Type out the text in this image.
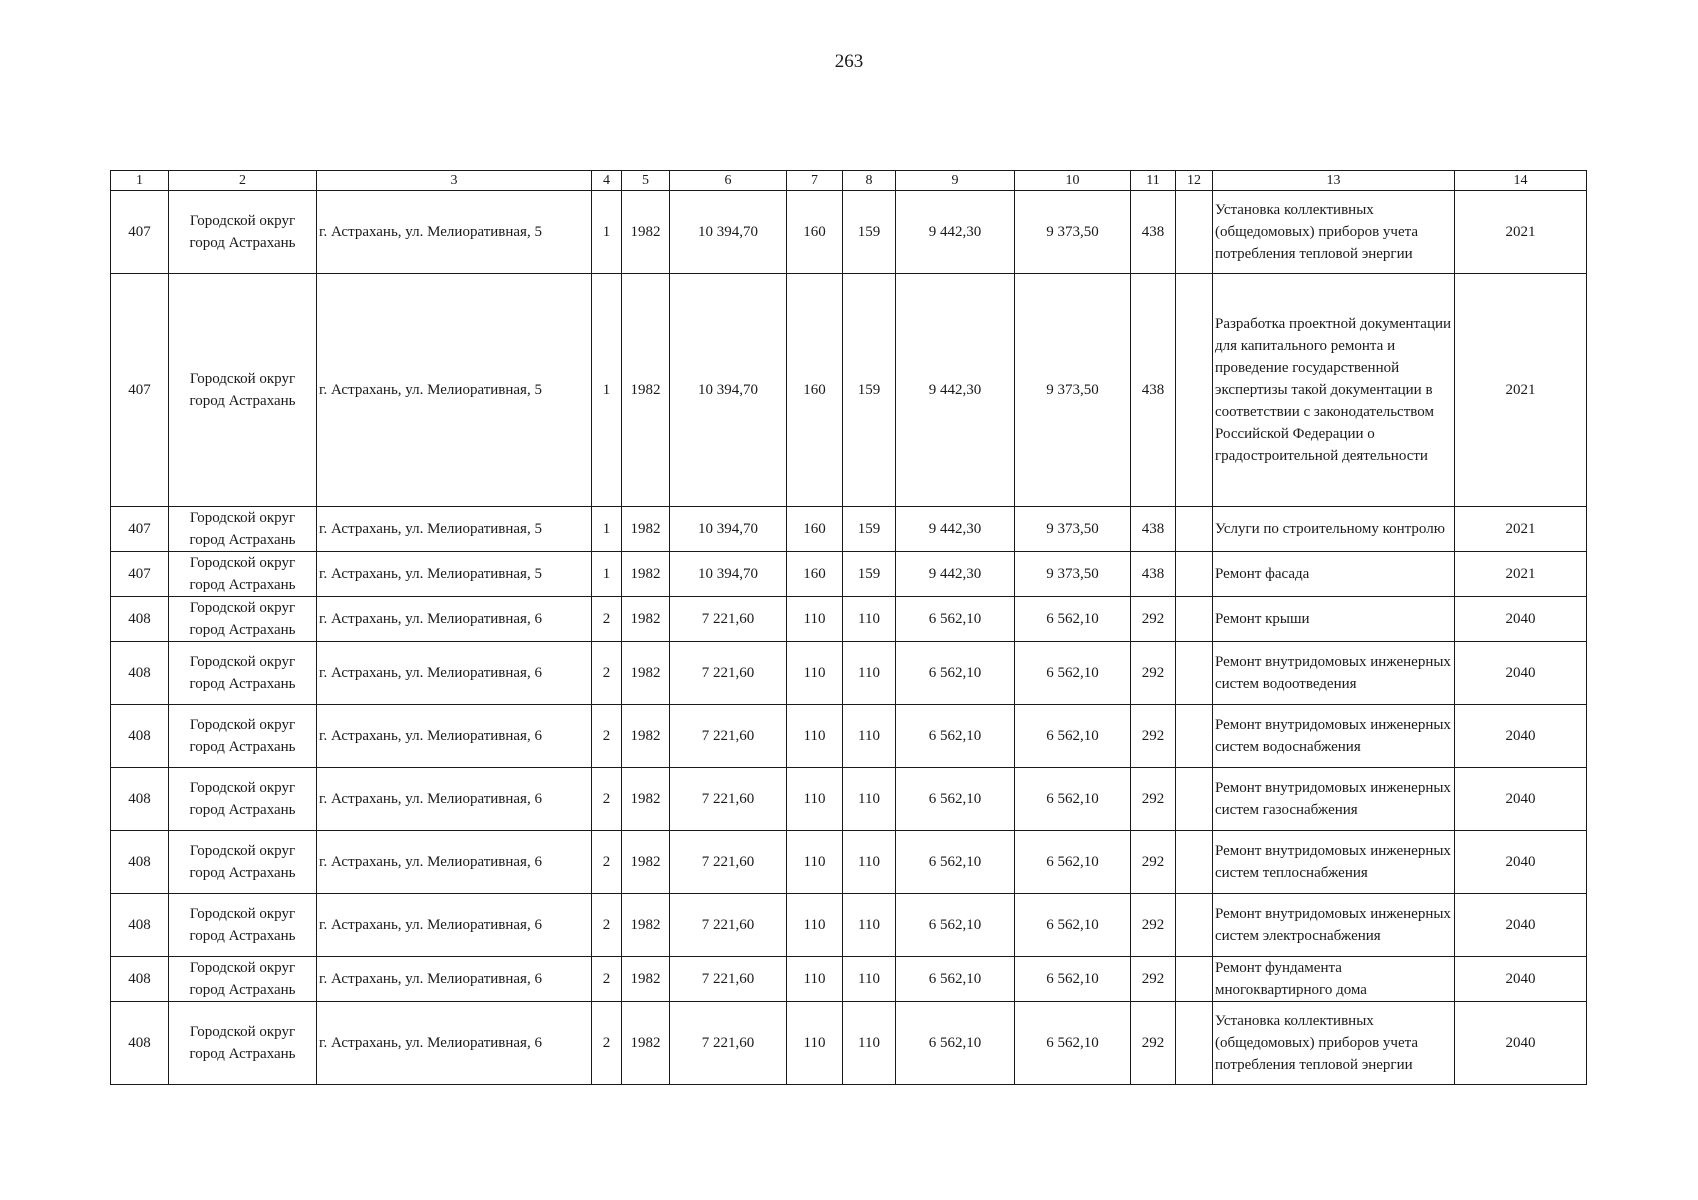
263
1	2	3	4	5	6	7	8	9	10	11	12	13	14
407	Городской округ город Астрахань	г. Астрахань, ул. Мелиоративная, 5	1	1982	10 394,70	160	159	9 442,30	9 373,50	438		Установка коллективных (общедомовых) приборов учета потребления тепловой энергии	2021
407	Городской округ город Астрахань	г. Астрахань, ул. Мелиоративная, 5	1	1982	10 394,70	160	159	9 442,30	9 373,50	438		Разработка проектной документации для капитального ремонта и проведение государственной экспертизы такой документации в соответствии с законодательством Российской Федерации о градостроительной деятельности	2021
407	Городской округ город Астрахань	г. Астрахань, ул. Мелиоративная, 5	1	1982	10 394,70	160	159	9 442,30	9 373,50	438		Услуги по строительному контролю	2021
407	Городской округ город Астрахань	г. Астрахань, ул. Мелиоративная, 5	1	1982	10 394,70	160	159	9 442,30	9 373,50	438		Ремонт фасада	2021
408	Городской округ город Астрахань	г. Астрахань, ул. Мелиоративная, 6	2	1982	7 221,60	110	110	6 562,10	6 562,10	292		Ремонт крыши	2040
408	Городской округ город Астрахань	г. Астрахань, ул. Мелиоративная, 6	2	1982	7 221,60	110	110	6 562,10	6 562,10	292		Ремонт внутридомовых инженерных систем водоотведения	2040
408	Городской округ город Астрахань	г. Астрахань, ул. Мелиоративная, 6	2	1982	7 221,60	110	110	6 562,10	6 562,10	292		Ремонт внутридомовых инженерных систем водоснабжения	2040
408	Городской округ город Астрахань	г. Астрахань, ул. Мелиоративная, 6	2	1982	7 221,60	110	110	6 562,10	6 562,10	292		Ремонт внутридомовых инженерных систем газоснабжения	2040
408	Городской округ город Астрахань	г. Астрахань, ул. Мелиоративная, 6	2	1982	7 221,60	110	110	6 562,10	6 562,10	292		Ремонт внутридомовых инженерных систем теплоснабжения	2040
408	Городской округ город Астрахань	г. Астрахань, ул. Мелиоративная, 6	2	1982	7 221,60	110	110	6 562,10	6 562,10	292		Ремонт внутридомовых инженерных систем электроснабжения	2040
408	Городской округ город Астрахань	г. Астрахань, ул. Мелиоративная, 6	2	1982	7 221,60	110	110	6 562,10	6 562,10	292		Ремонт фундамента многоквартирного дома	2040
408	Городской округ город Астрахань	г. Астрахань, ул. Мелиоративная, 6	2	1982	7 221,60	110	110	6 562,10	6 562,10	292		Установка коллективных (общедомовых) приборов учета потребления тепловой энергии	2040
